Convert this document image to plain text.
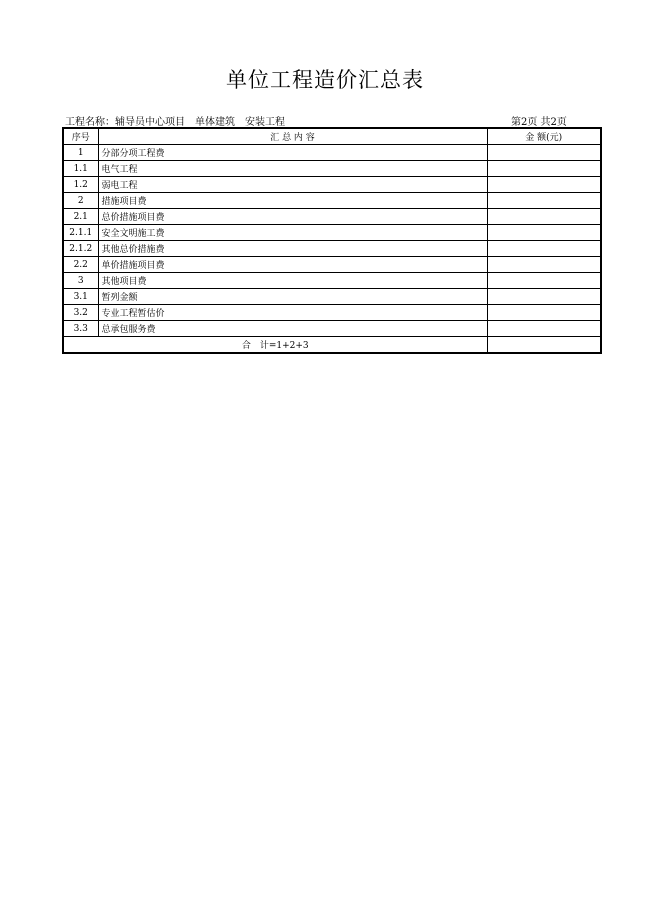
单位工程造价汇总表
工程名称：辅导员中心项目　单体建筑　安装工程	第2页 共2页
序号	汇 总 内 容	金 额(元)
1	分部分项工程费	
1.1	电气工程	
1.2	弱电工程	
2	措施项目费	
2.1	总价措施项目费	
2.1.1	安全文明施工费	
2.1.2	其他总价措施费	
2.2	单价措施项目费	
3	其他项目费	
3.1	暂列金额	
3.2	专业工程暂估价	
3.3	总承包服务费	
合　计=1+2+3		
